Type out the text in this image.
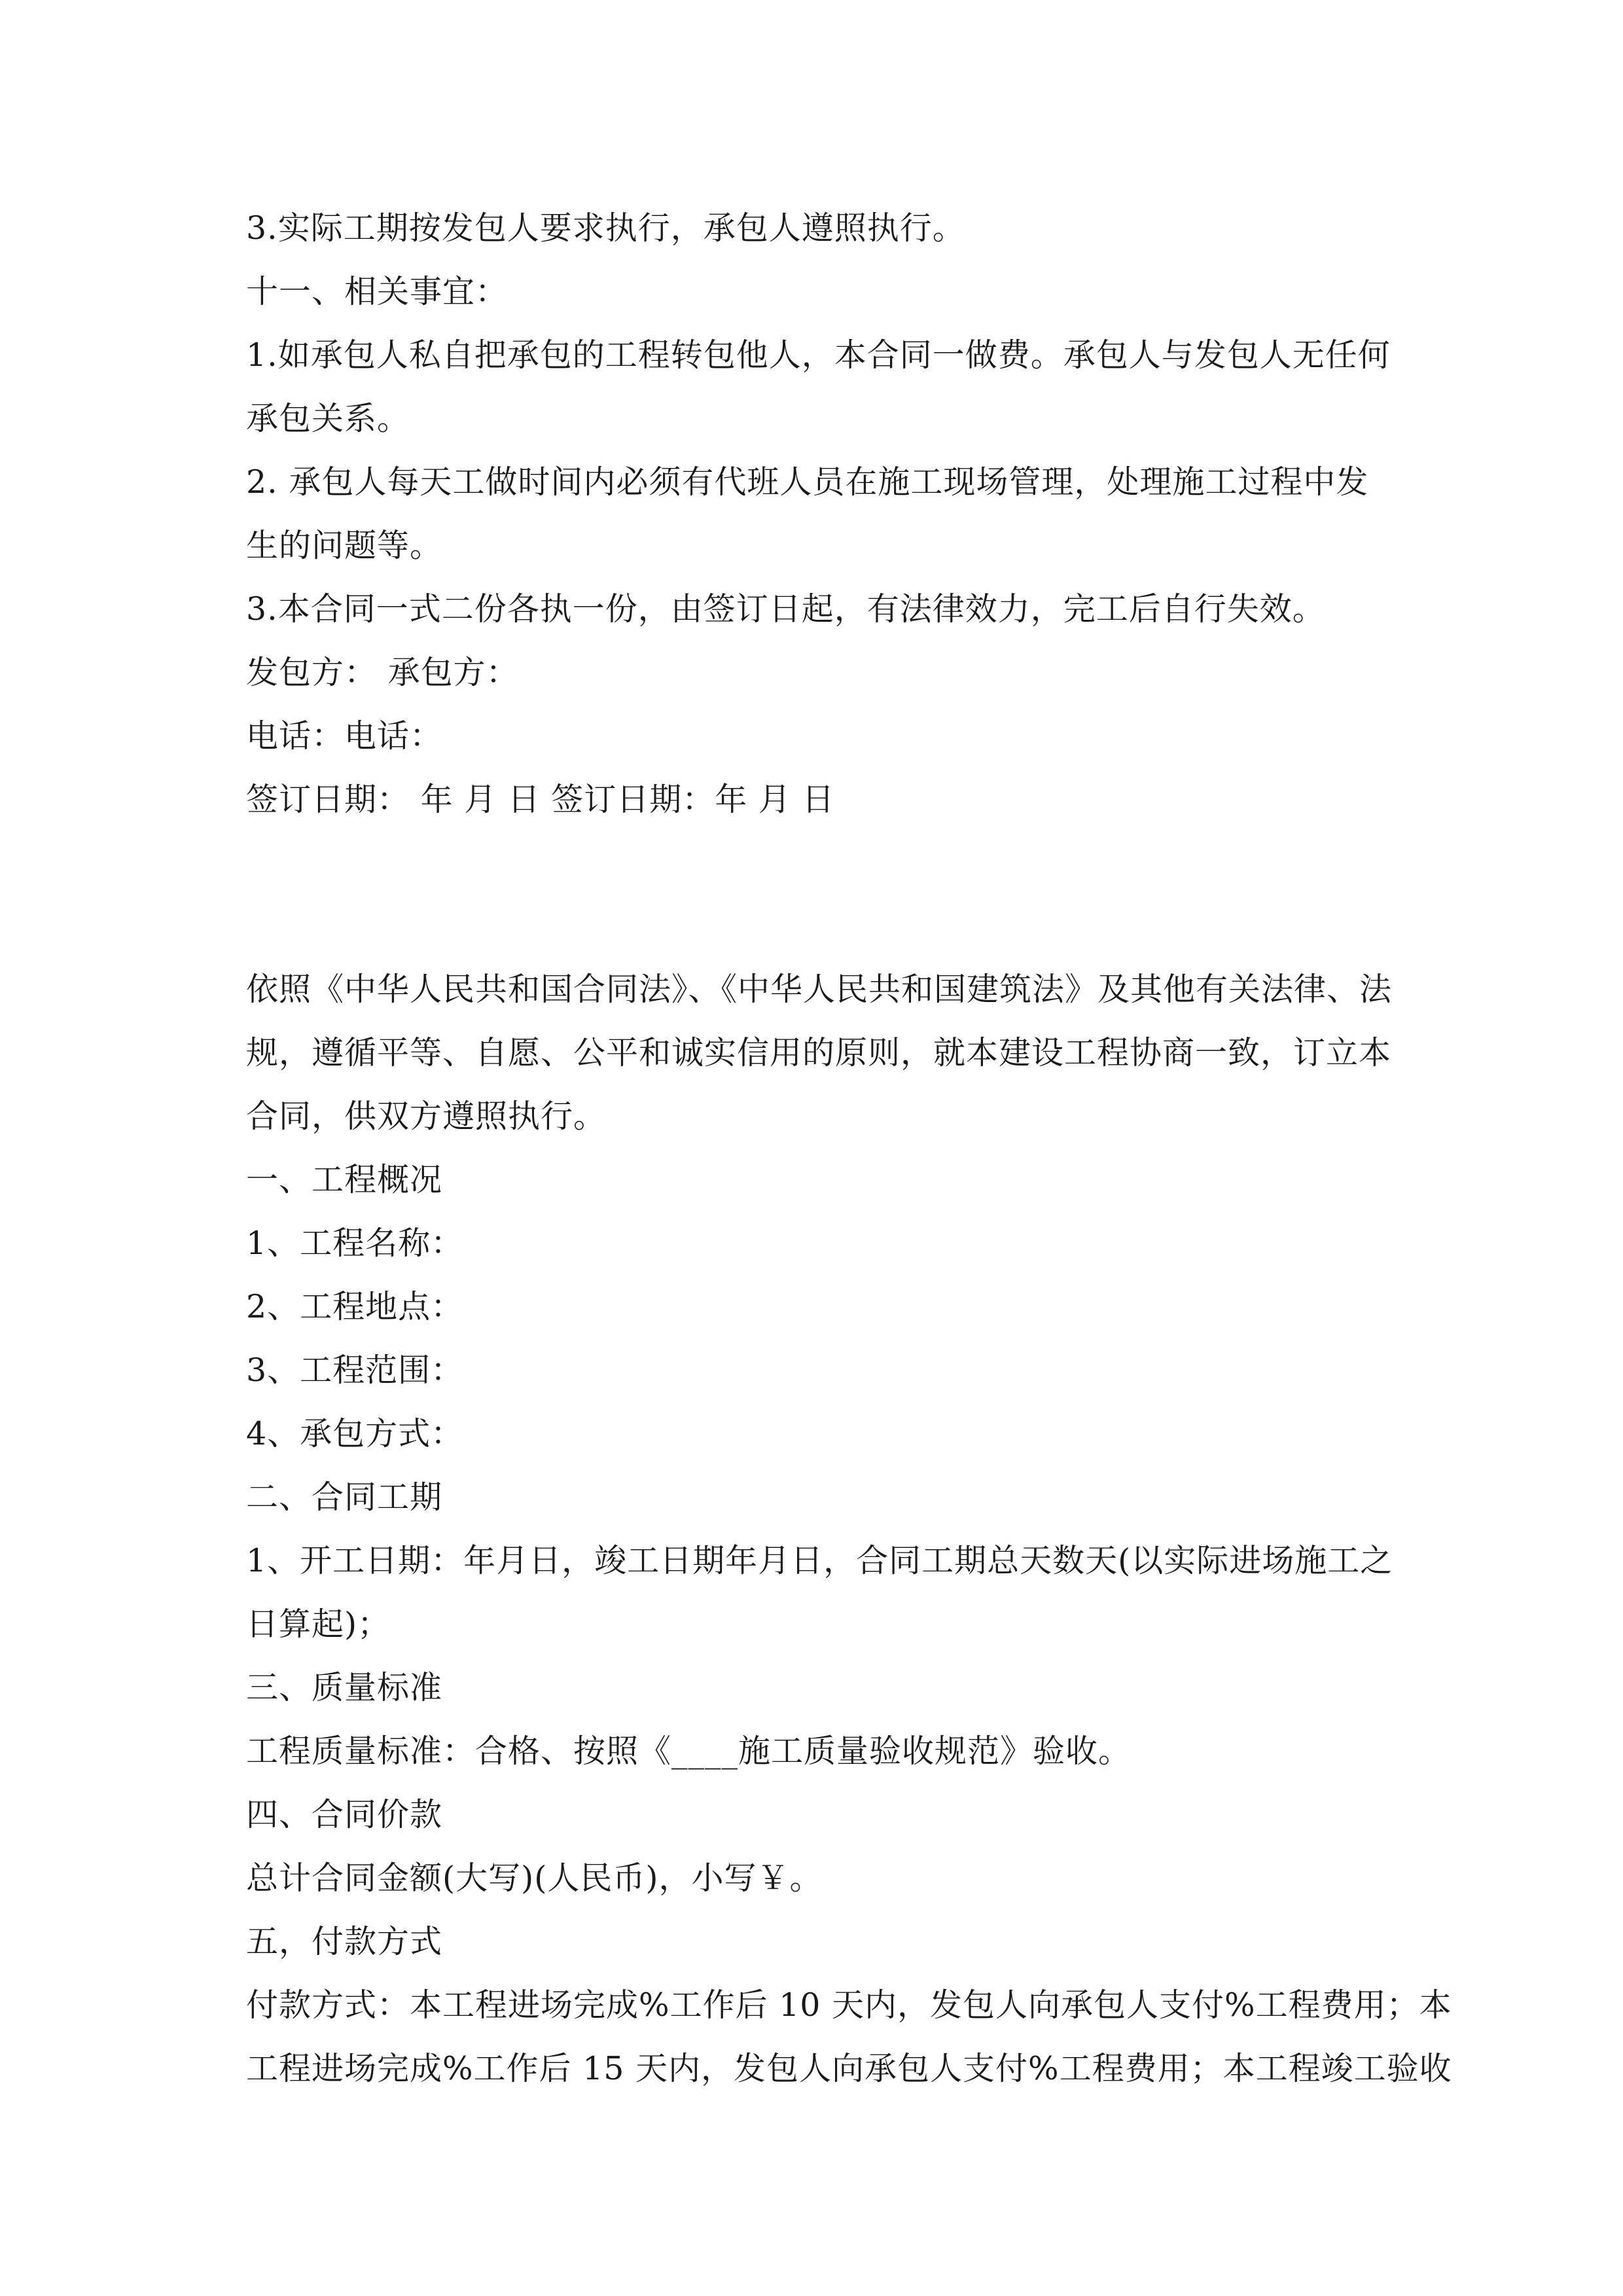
3.实际工期按发包人要求执行，承包人遵照执行。
十一、相关事宜：
1.如承包人私自把承包的工程转包他人，本合同一做费。承包人与发包人无任何
承包关系。
2. 承包人每天工做时间内必须有代班人员在施工现场管理，处理施工过程中发
生的问题等。
3.本合同一式二份各执一份，由签订日起，有法律效力，完工后自行失效。
发包方： 承包方：
电话：电话：
签订日期： 年 月 日 签订日期：年 月 日
依照《中华人民共和国合同法》、《中华人民共和国建筑法》及其他有关法律、法
规，遵循平等、自愿、公平和诚实信用的原则，就本建设工程协商一致，订立本
合同，供双方遵照执行。
一、工程概况
1、工程名称：
2、工程地点：
3、工程范围：
4、承包方式：
二、合同工期
1、开工日期：年月日，竣工日期年月日，合同工期总天数天(以实际进场施工之
日算起)；
三、质量标准
工程质量标准：合格、按照《____施工质量验收规范》验收。
四、合同价款
总计合同金额(大写)(人民币)，小写￥。
五，付款方式
付款方式：本工程进场完成%工作后 10 天内，发包人向承包人支付%工程费用；本
工程进场完成%工作后 15 天内，发包人向承包人支付%工程费用；本工程竣工验收
